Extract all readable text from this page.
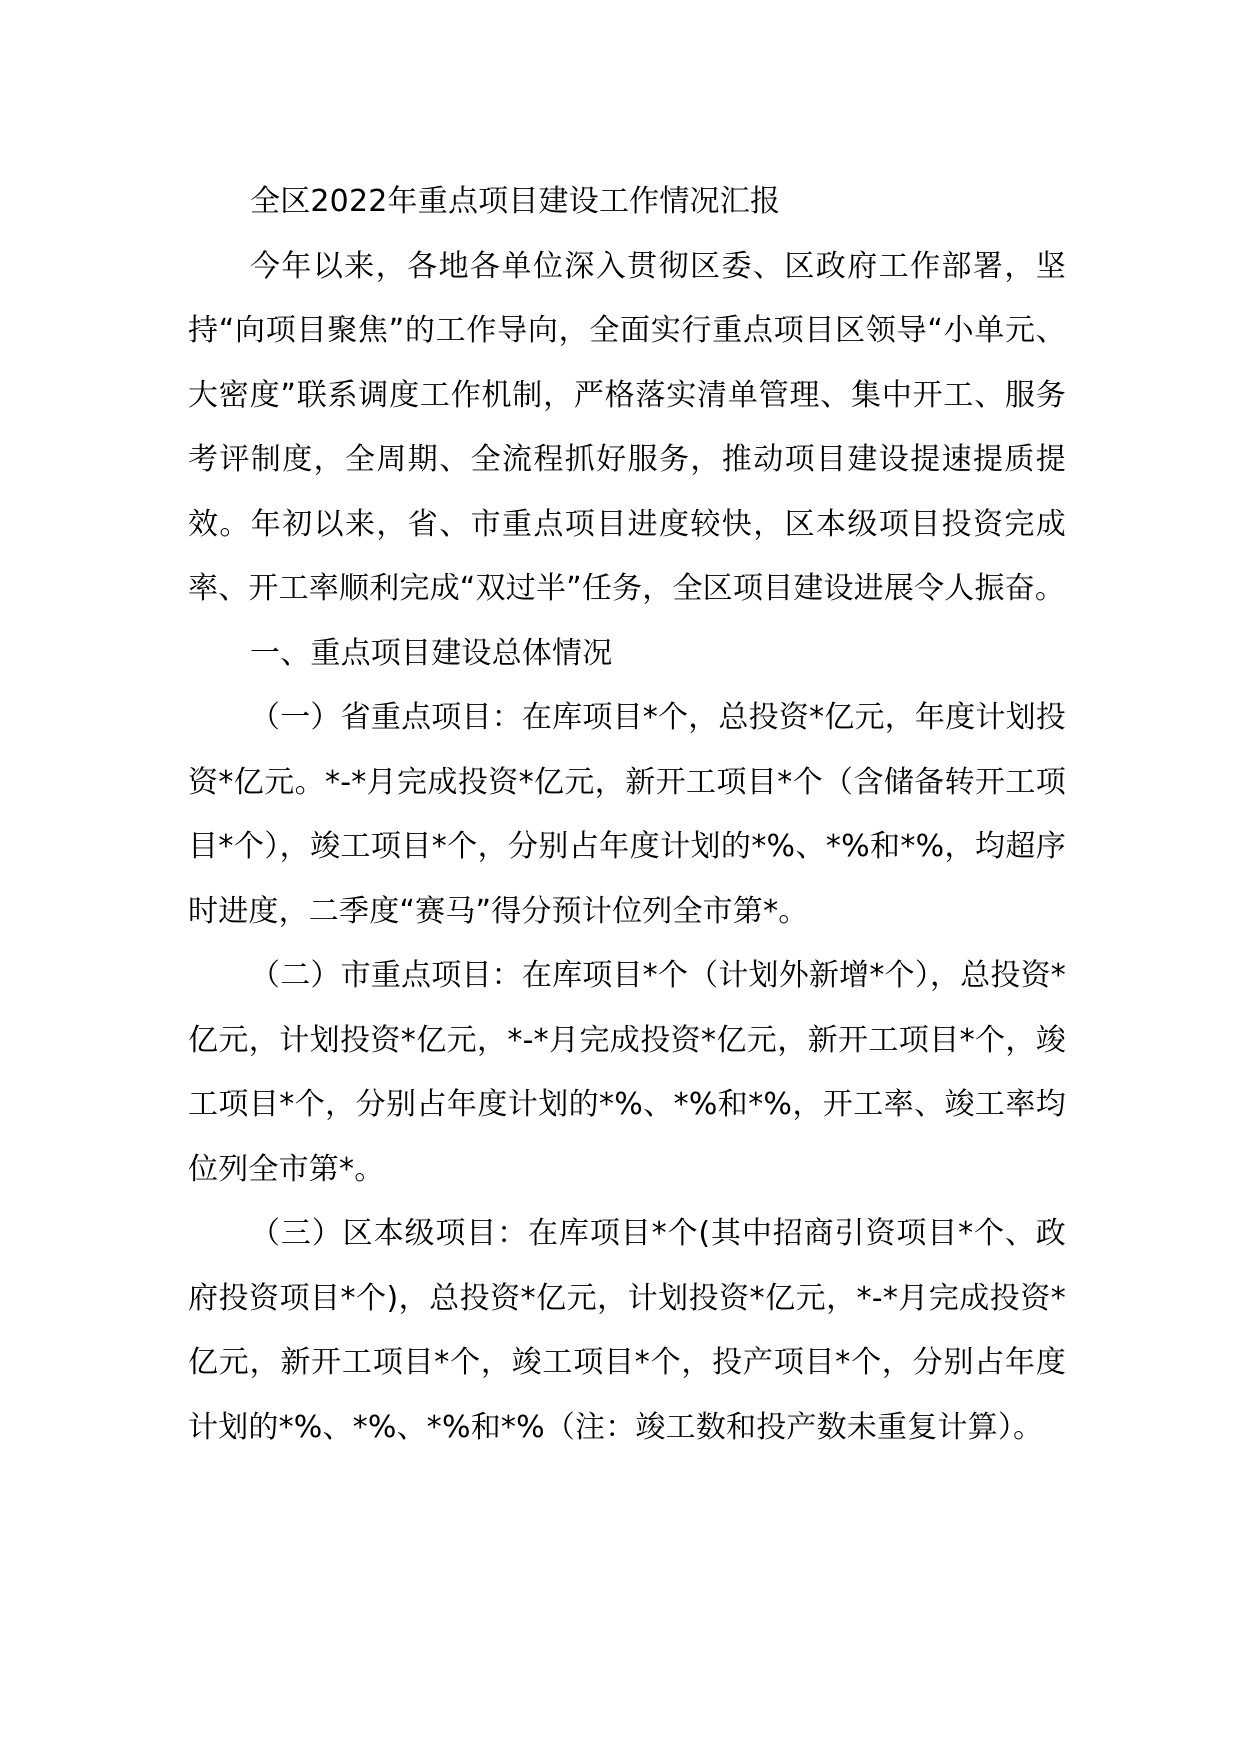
全区2022年重点项目建设工作情况汇报

今年以来，各地各单位深入贯彻区委、区政府工作部署，坚持“向项目聚焦”的工作导向，全面实行重点项目区领导“小单元、大密度”联系调度工作机制，严格落实清单管理、集中开工、服务考评制度，全周期、全流程抓好服务，推动项目建设提速提质提效。年初以来，省、市重点项目进度较快，区本级项目投资完成率、开工率顺利完成“双过半”任务，全区项目建设进展令人振奋。

一、重点项目建设总体情况

（一）省重点项目：在库项目*个，总投资*亿元，年度计划投资*亿元。*-*月完成投资*亿元，新开工项目*个（含储备转开工项目*个），竣工项目*个，分别占年度计划的*%、*%和*%，均超序时进度，二季度“赛马”得分预计位列全市第*。

（二）市重点项目：在库项目*个（计划外新增*个），总投资*亿元，计划投资*亿元，*-*月完成投资*亿元，新开工项目*个，竣工项目*个，分别占年度计划的*%、*%和*%，开工率、竣工率均位列全市第*。

（三）区本级项目：在库项目*个(其中招商引资项目*个、政府投资项目*个)，总投资*亿元，计划投资*亿元，*-*月完成投资*亿元，新开工项目*个，竣工项目*个，投产项目*个，分别占年度计划的*%、*%、*%和*%（注：竣工数和投产数未重复计算）。
